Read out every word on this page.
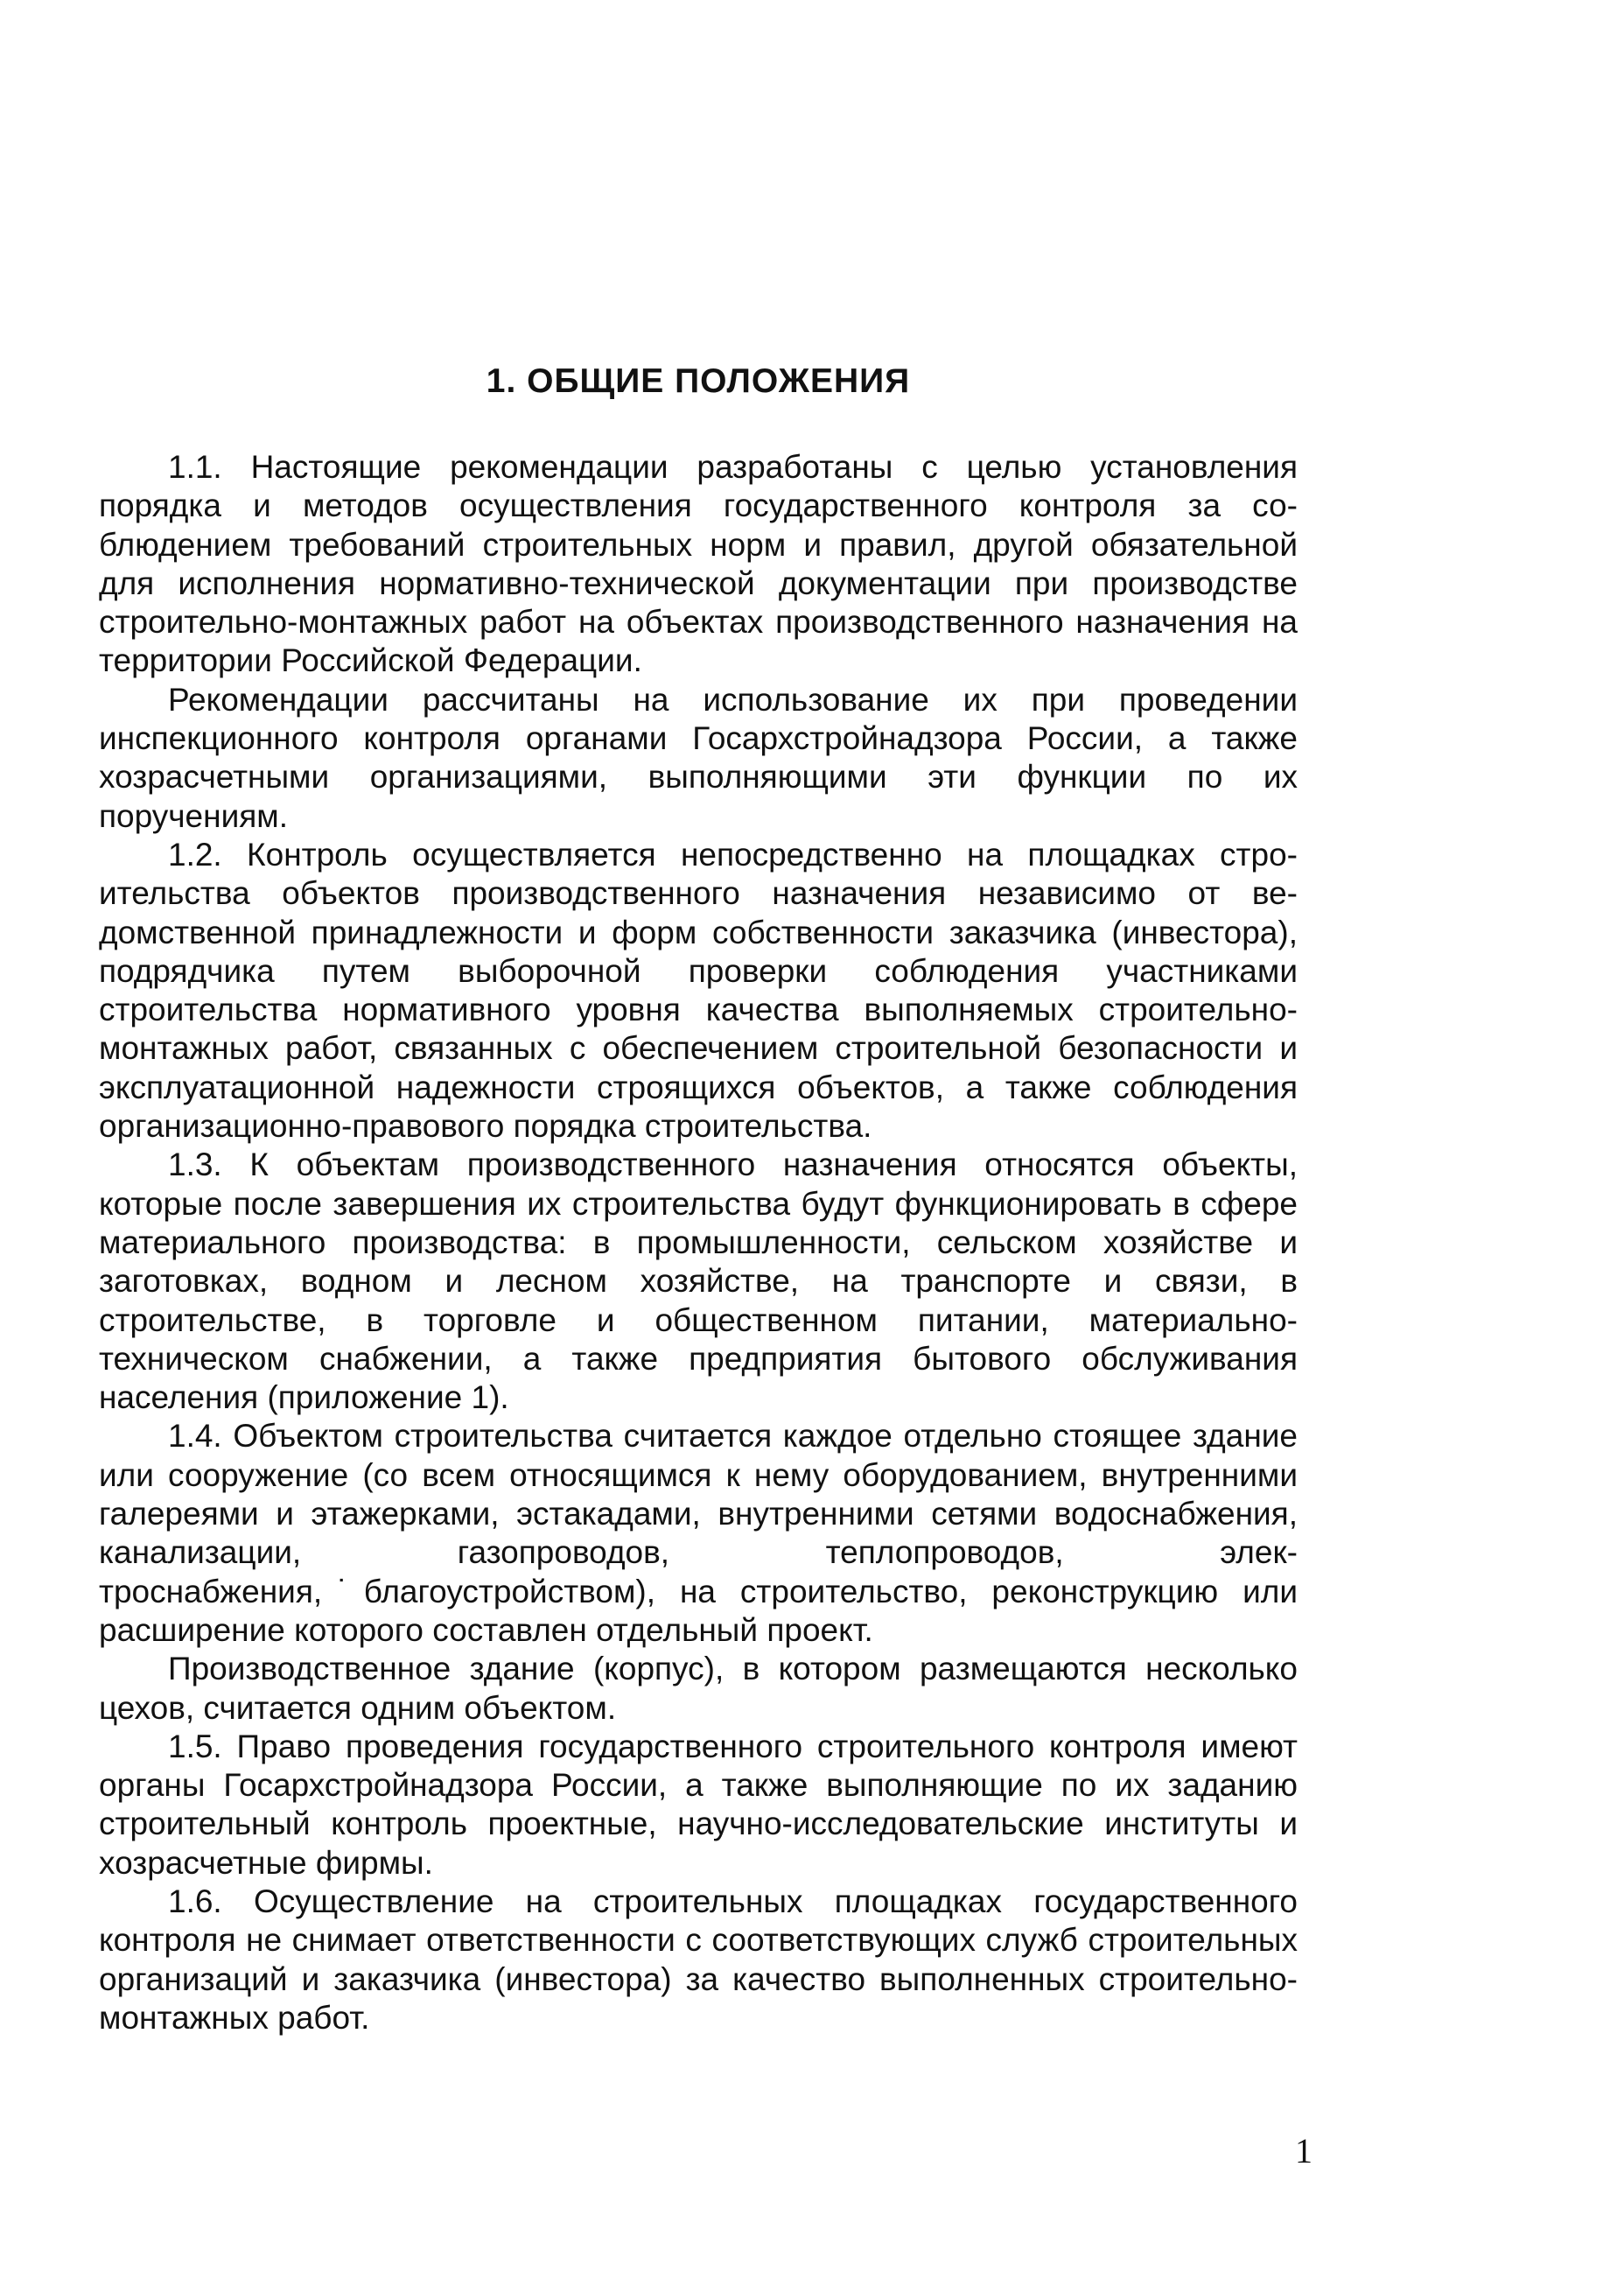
1. ОБЩИЕ ПОЛОЖЕНИЯ

1.1. Настоящие рекомендации разработаны с целью установления порядка и методов осуществления государственного контроля за соблюдением требований строительных норм и правил, другой обязательной для исполнения нормативно-технической документации при производстве строительно-монтажных работ на объектах производственного назначения на территории Российской Федерации.

Рекомендации рассчитаны на использование их при проведении инспекционного контроля органами Госархстройнадзора России, а также хозрасчетными организациями, выполняющими эти функции по их поручениям.

1.2. Контроль осуществляется непосредственно на площадках строительства объектов производственного назначения независимо от ведомственной принадлежности и форм собственности заказчика (инвестора), подрядчика путем выборочной проверки соблюдения участниками строительства нормативного уровня качества выполняемых строительно-монтажных работ, связанных с обеспечением строительной безопасности и эксплуатационной надежности строящихся объектов, а также соблюдения организационно-правового порядка строительства.

1.3. К объектам производственного назначения относятся объекты, которые после завершения их строительства будут функционировать в сфере материального производства: в промышленности, сельском хозяйстве и заготовках, водном и лесном хозяйстве, на транспорте и связи, в строительстве, в торговле и общественном питании, материально-техническом снабжении, а также предприятия бытового обслуживания населения (приложение 1).

1.4. Объектом строительства считается каждое отдельно стоящее здание или сооружение (со всем относящимся к нему оборудованием, внутренними галереями и этажерками, эстакадами, внутренними сетями водоснабжения, канализации, газопроводов, теплопроводов, электроснабжения,˙благоустройством), на строительство, реконструкцию или расширение которого составлен отдельный проект.

Производственное здание (корпус), в котором размещаются несколько цехов, считается одним объектом.

1.5. Право проведения государственного строительного контроля имеют органы Госархстройнадзора России, а также выполняющие по их заданию строительный контроль проектные, научно-исследовательские институты и хозрасчетные фирмы.

1.6. Осуществление на строительных площадках государственного контроля не снимает ответственности с соответствующих служб строительных организаций и заказчика (инвестора) за качество выполненных строительно-монтажных работ.

1
